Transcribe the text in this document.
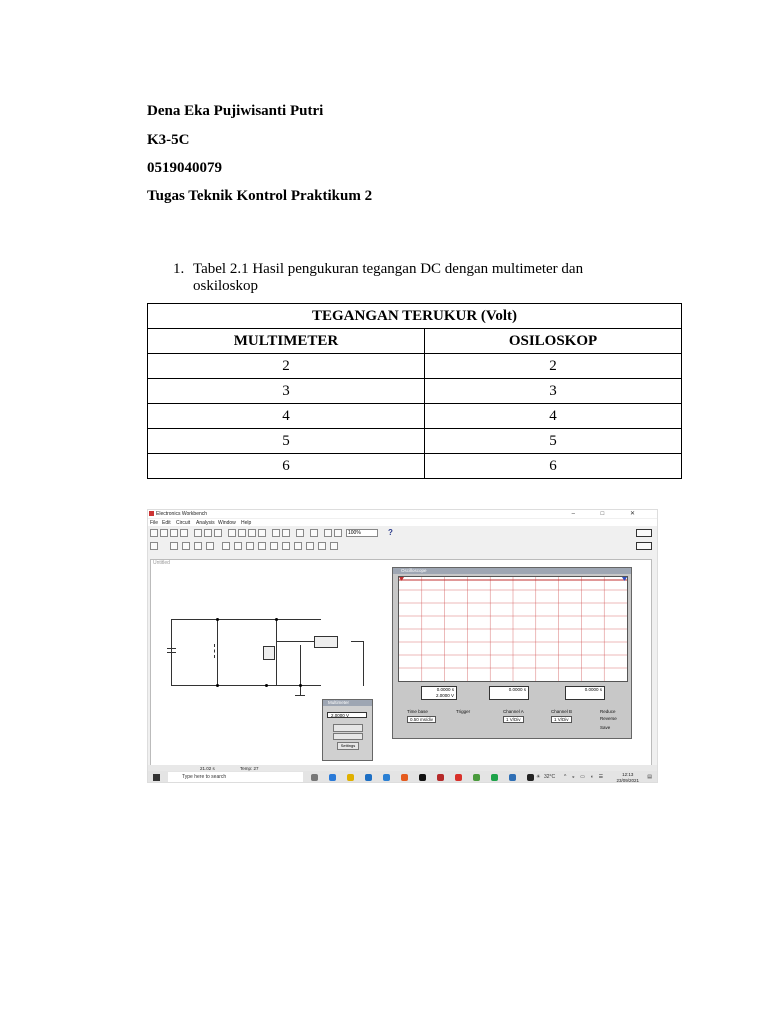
Dena Eka Pujiwisanti Putri
K3-5C
0519040079
Tugas Teknik Kontrol Praktikum 2
1. Tabel 2.1 Hasil pengukuran tegangan DC dengan multimeter dan oskiloskop
TEGANGAN TERUKUR (Volt)	
MULTIMETER	OSILOSKOP
2	2
3	3
4	4
5	5
6	6
Electronics Workbench	– □ ✕
File Edit Circuit Analysis Window Help
100%	?
Untitled
Oscilloscope
0.0000 s
2.0000 V
0.0000 s	0.0000 s
Time base	Trigger	Channel A	Channel B
0.50 ms/div	1 V/Div	1 V/Div
Reduce
Reverse
Save
Multimeter
2.0000 V
Settings
21.02 s	Temp: 27
Type here to search	☀ 32°C ^ ◒ ▭ ◖ ☰	12:13
23/09/2021 ▤
